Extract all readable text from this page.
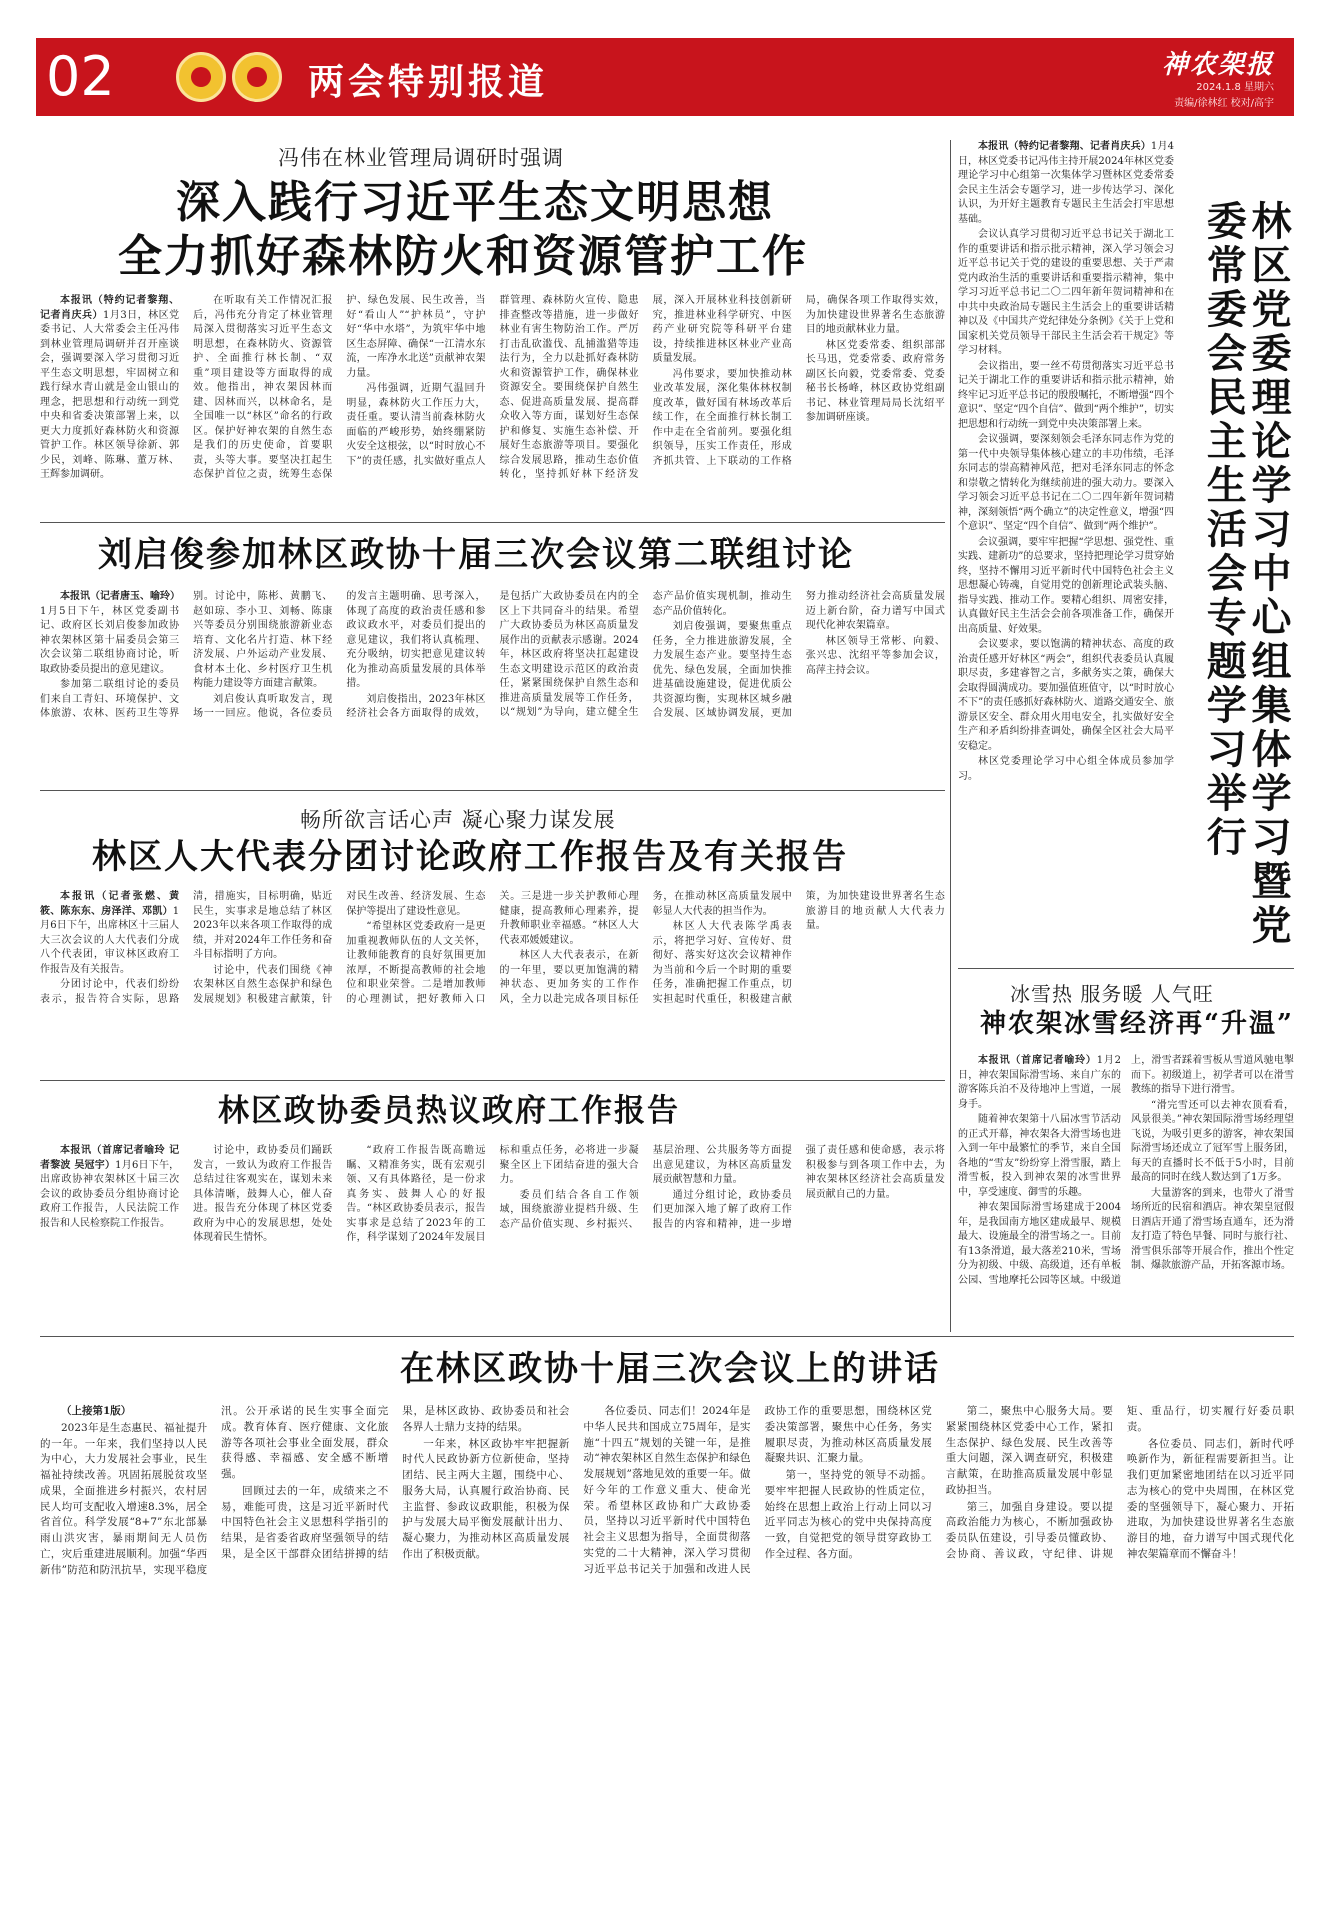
02	两会特别报道	神农架报
2024.1.8 星期六
责编/徐林红 校对/高宇
冯伟在林业管理局调研时强调
深入践行习近平生态文明思想
全力抓好森林防火和资源管护工作

本报讯（特约记者黎翔、记者肖庆兵）1月3日，林区党委书记、人大常委会主任冯伟到林业管理局调研并召开座谈会，强调要深入学习贯彻习近平生态文明思想，牢固树立和践行绿水青山就是金山银山的理念，把思想和行动统一到党中央和省委决策部署上来，以更大力度抓好森林防火和资源管护工作。林区领导徐新、郭少民，刘峰、陈琳、董万林、王辉参加调研。

在听取有关工作情况汇报后，冯伟充分肯定了林业管理局深入贯彻落实习近平生态文明思想，在森林防火、资源管护、全面推行林长制、“双重”项目建设等方面取得的成效。他指出，神农架因林而建、因林而兴，以林命名，是全国唯一以“林区”命名的行政区。保护好神农架的自然生态是我们的历史使命，首要职责，头等大事。要坚决扛起生态保护首位之责，统筹生态保护、绿色发展、民生改善，当好“看山人”“护林员”，守护好“华中水塔”，为筑牢华中地区生态屏障、确保“一江清水东流，一库净水北送”贡献神农架力量。

冯伟强调，近期气温回升明显，森林防火工作压力大，责任重。要认清当前森林防火面临的严峻形势，始终绷紧防火安全这根弦，以“时时放心不下”的责任感，扎实做好重点人群管理、森林防火宣传、隐患排查整改等措施，进一步做好林业有害生物防治工作。严厉打击乱砍滥伐、乱捕滥猎等违法行为，全力以赴抓好森林防火和资源管护工作，确保林业资源安全。要围绕保护自然生态、促进高质量发展、提高群众收入等方面，谋划好生态保护和修复、实施生态补偿、开展好生态旅游等项目。要强化综合发展思路，推动生态价值转化，坚持抓好林下经济发展，深入开展林业科技创新研究，推进林业科学研究、中医药产业研究院等科研平台建设，持续推进林区林业产业高质量发展。

冯伟要求，要加快推动林业改革发展，深化集体林权制度改革，做好国有林场改革后续工作，在全面推行林长制工作中走在全省前列。要强化组织领导，压实工作责任，形成齐抓共管、上下联动的工作格局，确保各项工作取得实效，为加快建设世界著名生态旅游目的地贡献林业力量。

林区党委常委、组织部部长马迅，党委常委、政府常务副区长向毅，党委常委、党委秘书长杨峰，林区政协党组副书记、林业管理局局长沈绍平参加调研座谈。

刘启俊参加林区政协十届三次会议第二联组讨论

本报讯（记者唐玉、喻玲）1月5日下午，林区党委副书记、政府区长刘启俊参加政协神农架林区第十届委员会第三次会议第二联组协商讨论，听取政协委员提出的意见建议。

参加第二联组讨论的委员们来自工青妇、环境保护、文体旅游、农林、医药卫生等界别。讨论中，陈彬、黄鹏飞、赵如琼、李小卫、刘畅、陈康兴等委员分别围绕旅游新业态培育、文化名片打造、林下经济发展、户外运动产业发展、食材本土化、乡村医疗卫生机构能力建设等方面建言献策。

刘启俊认真听取发言，现场一一回应。他说，各位委员的发言主题明确、思考深入，体现了高度的政治责任感和参政议政水平，对委员们提出的意见建议，我们将认真梳理、充分吸纳，切实把意见建议转化为推动高质量发展的具体举措。

刘启俊指出，2023年林区经济社会各方面取得的成效，是包括广大政协委员在内的全区上下共同奋斗的结果。希望广大政协委员为林区高质量发展作出的贡献表示感谢。2024年，林区政府将坚决扛起建设生态文明建设示范区的政治责任，紧紧围绕保护自然生态和推进高质量发展等工作任务，以“规划”为导向，建立健全生态产品价值实现机制，推动生态产品价值转化。

刘启俊强调，要聚焦重点任务，全力推进旅游发展，全力发展生态产业。要坚持生态优先、绿色发展，全面加快推进基础设施建设，促进优质公共资源均衡，实现林区城乡融合发展、区域协调发展，更加努力推动经济社会高质量发展迈上新台阶，奋力谱写中国式现代化神农架篇章。

林区领导王常彬、向毅、张兴忠、沈绍平等参加会议，高萍主持会议。

畅所欲言话心声 凝心聚力谋发展
林区人大代表分团讨论政府工作报告及有关报告

本报讯（记者张燃、黄筱、陈东东、房泽洋、邓凯）1月6日下午，出席林区十三届人大三次会议的人大代表们分成八个代表团，审议林区政府工作报告及有关报告。

分团讨论中，代表们纷纷表示，报告符合实际，思路清，措施实，目标明确，贴近民生，实事求是地总结了林区2023年以来各项工作取得的成绩，并对2024年工作任务和奋斗目标指明了方向。

讨论中，代表们围绕《神农架林区自然生态保护和绿色发展规划》积极建言献策，针对民生改善、经济发展、生态保护等提出了建设性意见。

“希望林区党委政府一是更加重视教师队伍的人文关怀，让教师能教育的良好氛围更加浓厚，不断提高教师的社会地位和职业荣誉。二是增加教师的心理测试，把好教师入口关。三是进一步关护教师心理健康，提高教师心理素养，提升教师职业幸福感。“林区人大代表邓媛媛建议。

林区人大代表表示，在新的一年里，要以更加饱满的精神状态、更加务实的工作作风，全力以赴完成各项目标任务，在推动林区高质量发展中彰显人大代表的担当作为。

林区人大代表陈学禹表示，将把学习好、宣传好、贯彻好、落实好这次会议精神作为当前和今后一个时期的重要任务，准确把握工作重点，切实担起时代重任，积极建言献策，为加快建设世界著名生态旅游目的地贡献人大代表力量。

林区政协委员热议政府工作报告

本报讯（首席记者喻玲 记者黎波 吴冠宇）1月6日下午，出席政协神农架林区十届三次会议的政协委员分组协商讨论政府工作报告，人民法院工作报告和人民检察院工作报告。

讨论中，政协委员们踊跃发言，一致认为政府工作报告总结过往客观实在，谋划未来具体清晰，鼓舞人心，催人奋进。报告充分体现了林区党委政府为中心的发展思想，处处体现着民生情怀。

“政府工作报告既高瞻远瞩、又精准务实，既有宏观引领、又有具体路径，是一份求真务实、鼓舞人心的好报告。“林区政协委员表示，报告实事求是总结了2023年的工作，科学谋划了2024年发展目标和重点任务，必将进一步凝聚全区上下团结奋进的强大合力。

委员们结合各自工作领域，围绕旅游业提档升级、生态产品价值实现、乡村振兴、基层治理、公共服务等方面提出意见建议，为林区高质量发展贡献智慧和力量。

通过分组讨论，政协委员们更加深入地了解了政府工作报告的内容和精神，进一步增强了责任感和使命感，表示将积极参与到各项工作中去，为神农架林区经济社会高质量发展贡献自己的力量。

在林区政协十届三次会议上的讲话

（上接第1版）

2023年是生态惠民、福祉提升的一年。一年来，我们坚持以人民为中心，大力发展社会事业，民生福祉持续改善。巩固拓展脱贫攻坚成果，全面推进乡村振兴，农村居民人均可支配收入增速8.3%，居全省首位。科学发展“8+7”东北部暴雨山洪灾害，暴雨期间无人员伤亡，灾后重建进展顺利。加强“华西新伟”防范和防汛抗旱，实现平稳度汛。公开承诺的民生实事全面完成。教育体育、医疗健康、文化旅游等各项社会事业全面发展，群众获得感、幸福感、安全感不断增强。

回顾过去的一年，成绩来之不易，难能可贵，这是习近平新时代中国特色社会主义思想科学指引的结果，是省委省政府坚强领导的结果，是全区干部群众团结拼搏的结果，是林区政协、政协委员和社会各界人士鼎力支持的结果。

一年来，林区政协牢牢把握新时代人民政协新方位新使命，坚持团结、民主两大主题，围绕中心、服务大局，认真履行政治协商、民主监督、参政议政职能，积极为保护与发展大局平衡发展献计出力、凝心聚力，为推动林区高质量发展作出了积极贡献。

各位委员、同志们！2024年是中华人民共和国成立75周年，是实施“十四五”规划的关键一年，是推动“神农架林区自然生态保护和绿色发展规划”落地见效的重要一年。做好今年的工作意义重大、使命光荣。希望林区政协和广大政协委员，坚持以习近平新时代中国特色社会主义思想为指导，全面贯彻落实党的二十大精神，深入学习贯彻习近平总书记关于加强和改进人民政协工作的重要思想，围绕林区党委决策部署，聚焦中心任务，务实履职尽责，为推动林区高质量发展凝聚共识、汇聚力量。

第一，坚持党的领导不动摇。要牢牢把握人民政协的性质定位，始终在思想上政治上行动上同以习近平同志为核心的党中央保持高度一致，自觉把党的领导贯穿政协工作全过程、各方面。

第二，聚焦中心服务大局。要紧紧围绕林区党委中心工作，紧扣生态保护、绿色发展、民生改善等重大问题，深入调查研究，积极建言献策，在助推高质量发展中彰显政协担当。

第三，加强自身建设。要以提高政治能力为核心，不断加强政协委员队伍建设，引导委员懂政协、会协商、善议政，守纪律、讲规矩、重品行，切实履行好委员职责。

各位委员、同志们，新时代呼唤新作为，新征程需要新担当。让我们更加紧密地团结在以习近平同志为核心的党中央周围，在林区党委的坚强领导下，凝心聚力、开拓进取，为加快建设世界著名生态旅游目的地，奋力谱写中国式现代化神农架篇章而不懈奋斗！

本报讯（特约记者黎翔、记者肖庆兵）1月4日，林区党委书记冯伟主持开展2024年林区党委理论学习中心组第一次集体学习暨林区党委常委会民主生活会专题学习，进一步传达学习、深化认识，为开好主题教育专题民主生活会打牢思想基础。

会议认真学习贯彻习近平总书记关于湖北工作的重要讲话和指示批示精神，深入学习领会习近平总书记关于党的建设的重要思想、关于严肃党内政治生活的重要讲话和重要指示精神，集中学习习近平总书记二〇二四年新年贺词精神和在中共中央政治局专题民主生活会上的重要讲话精神以及《中国共产党纪律处分条例》《关于上党和国家机关党员领导干部民主生活会若干规定》等学习材料。

会议指出，要一丝不苟贯彻落实习近平总书记关于湖北工作的重要讲话和指示批示精神，始终牢记习近平总书记的殷殷嘱托，不断增强“四个意识”、坚定“四个自信”、做到“两个维护”，切实把思想和行动统一到党中央决策部署上来。

会议强调，要深刻领会毛泽东同志作为党的第一代中央领导集体核心建立的丰功伟绩，毛泽东同志的崇高精神风范，把对毛泽东同志的怀念和崇敬之情转化为继续前进的强大动力。要深入学习领会习近平总书记在二〇二四年新年贺词精神，深刻领悟“两个确立”的决定性意义，增强“四个意识”、坚定“四个自信”、做到“两个维护”。

会议强调，要牢牢把握“学思想、强党性、重实践、建新功”的总要求，坚持把理论学习贯穿始终，坚持不懈用习近平新时代中国特色社会主义思想凝心铸魂，自觉用党的创新理论武装头脑、指导实践、推动工作。要精心组织、周密安排，认真做好民主生活会会前各项准备工作，确保开出高质量、好效果。

会议要求，要以饱满的精神状态、高度的政治责任感开好林区“两会”，组织代表委员认真履职尽责，多建睿智之言，多献务实之策，确保大会取得圆满成功。要加强值班值守，以“时时放心不下”的责任感抓好森林防火、道路交通安全、旅游景区安全、群众用火用电安全，扎实做好安全生产和矛盾纠纷排查调处，确保全区社会大局平安稳定。

林区党委理论学习中心组全体成员参加学习。	林区党委理论学习中心组集体学习暨党委常委会民主生活会专题学习举行
冰雪热 服务暖 人气旺
神农架冰雪经济再“升温”

本报讯（首席记者喻玲）1月2日，神农架国际滑雪场、来自广东的游客陈兵泊不及待地冲上雪道，一展身手。

随着神农架第十八届冰雪节活动的正式开幕，神农架各大滑雪场也进入到一年中最繁忙的季节，来自全国各地的“雪友”纷纷穿上滑雪服，踏上滑雪板，投入到神农架的冰雪世界中，享受速度、御雪的乐趣。

神农架国际滑雪场建成于2004年，是我国南方地区建成最早、规模最大、设施最全的滑雪场之一。目前有13条滑道，最大落差210米，雪场分为初级、中级、高级道，还有单板公园、雪地摩托公园等区域。中级道上，滑雪者踩着雪板从雪道风驰电掣而下。初级道上，初学者可以在滑雪教练的指导下进行滑雪。

“滑完雪还可以去神农顶看看，风景很美。”神农架国际滑雪场经理望飞说，为吸引更多的游客，神农架国际滑雪场还成立了冠军雪上服务团，每天的直播时长不低于5小时，目前最高的同时在线人数达到了1万多。

大量游客的到来，也带火了滑雪场所近的民宿和酒店。神农架皇冠假日酒店开通了滑雪场直通车，还为滑友打造了特色早餐、同时与旅行社、滑雪俱乐部等开展合作，推出个性定制、爆款旅游产品，开拓客源市场。
